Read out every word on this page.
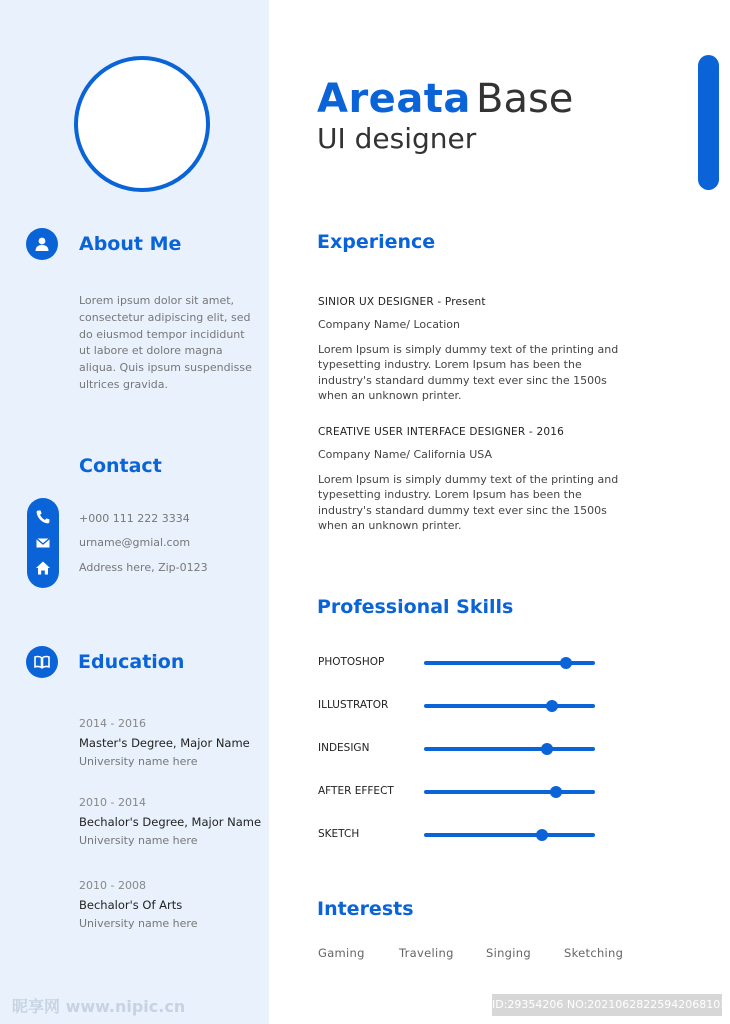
Areata Base
UI designer
About Me
Lorem ipsum dolor sit amet, consectetur adipiscing elit, sed do eiusmod tempor incididunt ut labore et dolore magna aliqua. Quis ipsum suspendisse ultrices gravida.
Contact
+000 111 222 3334
urname@gmial.com
Address here, Zip-0123
Education
2014 - 2016
Master's Degree, Major Name
University name here
2010 - 2014
Bechalor's Degree, Major Name
University name here
2010 - 2008
Bechalor's Of Arts
University name here
Experience
SINIOR UX DESIGNER - Present
Company Name/ Location
Lorem Ipsum is simply dummy text of the printing and typesetting industry. Lorem Ipsum has been the industry's standard dummy text ever sinc the 1500s when an unknown printer.
CREATIVE USER INTERFACE DESIGNER - 2016
Company Name/ California USA
Lorem Ipsum is simply dummy text of the printing and typesetting industry. Lorem Ipsum has been the industry's standard dummy text ever sinc the 1500s when an unknown printer.
Professional Skills
PHOTOSHOP
ILLUSTRATOR
INDESIGN
AFTER EFFECT
SKETCH
Interests
Gaming	Traveling	Singing	Sketching
昵享网 www.nipic.cn	ID:29354206 NO:20210628225942068101
